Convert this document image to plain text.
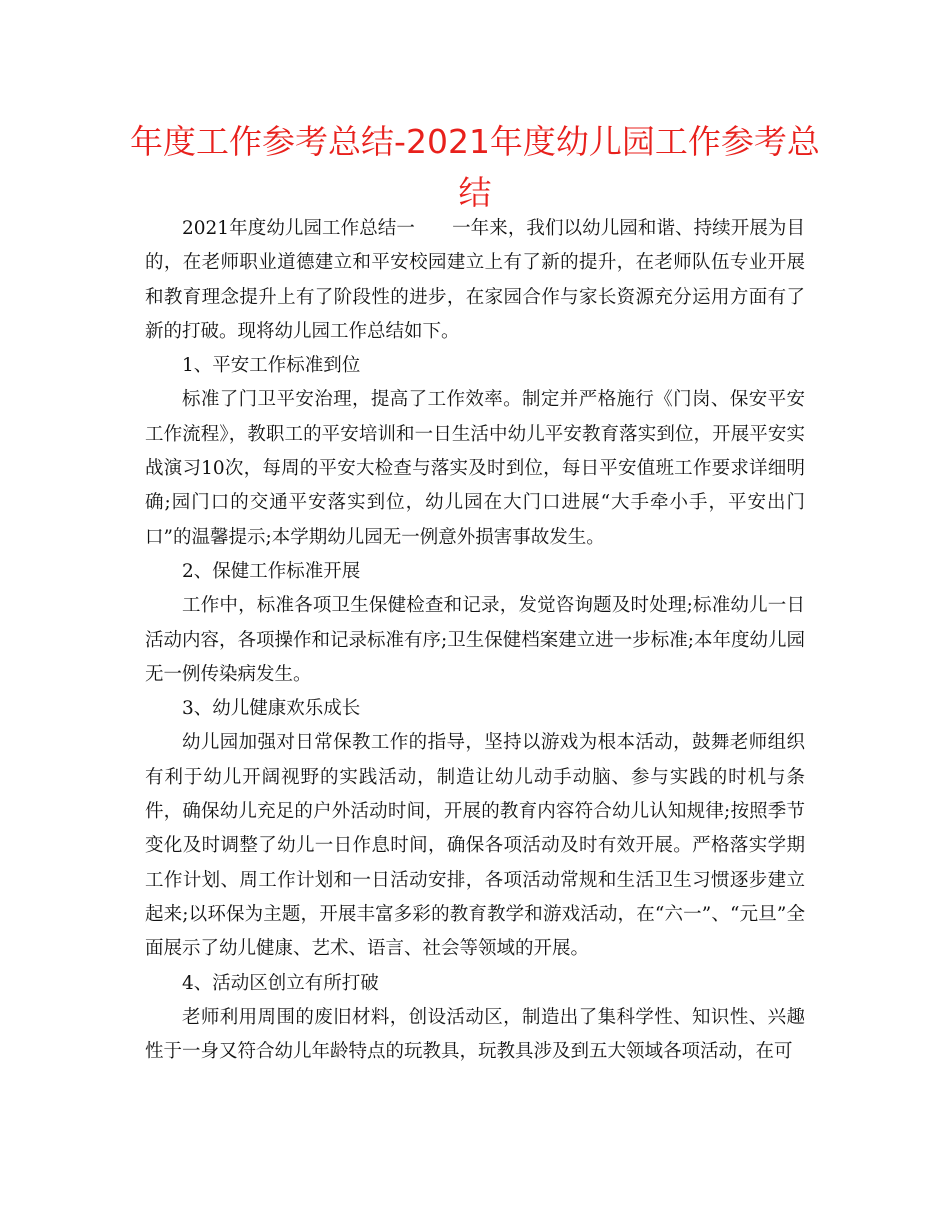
年度工作参考总结-2021年度幼儿园工作参考总结

2021年度幼儿园工作总结一　　一年来，我们以幼儿园和谐、持续开展为目的，在老师职业道德建立和平安校园建立上有了新的提升，在老师队伍专业开展和教育理念提升上有了阶段性的进步，在家园合作与家长资源充分运用方面有了新的打破。现将幼儿园工作总结如下。

1、平安工作标准到位

标准了门卫平安治理，提高了工作效率。制定并严格施行《门岗、保安平安工作流程》，教职工的平安培训和一日生活中幼儿平安教育落实到位，开展平安实战演习10次，每周的平安大检查与落实及时到位，每日平安值班工作要求详细明确;园门口的交通平安落实到位，幼儿园在大门口进展“大手牵小手，平安出门口”的温馨提示;本学期幼儿园无一例意外损害事故发生。

2、保健工作标准开展

工作中，标准各项卫生保健检查和记录，发觉咨询题及时处理;标准幼儿一日活动内容，各项操作和记录标准有序;卫生保健档案建立进一步标准;本年度幼儿园无一例传染病发生。

3、幼儿健康欢乐成长

幼儿园加强对日常保教工作的指导，坚持以游戏为根本活动，鼓舞老师组织有利于幼儿开阔视野的实践活动，制造让幼儿动手动脑、参与实践的时机与条件，确保幼儿充足的户外活动时间，开展的教育内容符合幼儿认知规律;按照季节变化及时调整了幼儿一日作息时间，确保各项活动及时有效开展。严格落实学期工作计划、周工作计划和一日活动安排，各项活动常规和生活卫生习惯逐步建立起来;以环保为主题，开展丰富多彩的教育教学和游戏活动，在“六一”、“元旦”全面展示了幼儿健康、艺术、语言、社会等领域的开展。

4、活动区创立有所打破

老师利用周围的废旧材料，创设活动区，制造出了集科学性、知识性、兴趣性于一身又符合幼儿年龄特点的玩教具，玩教具涉及到五大领域各项活动，在可
